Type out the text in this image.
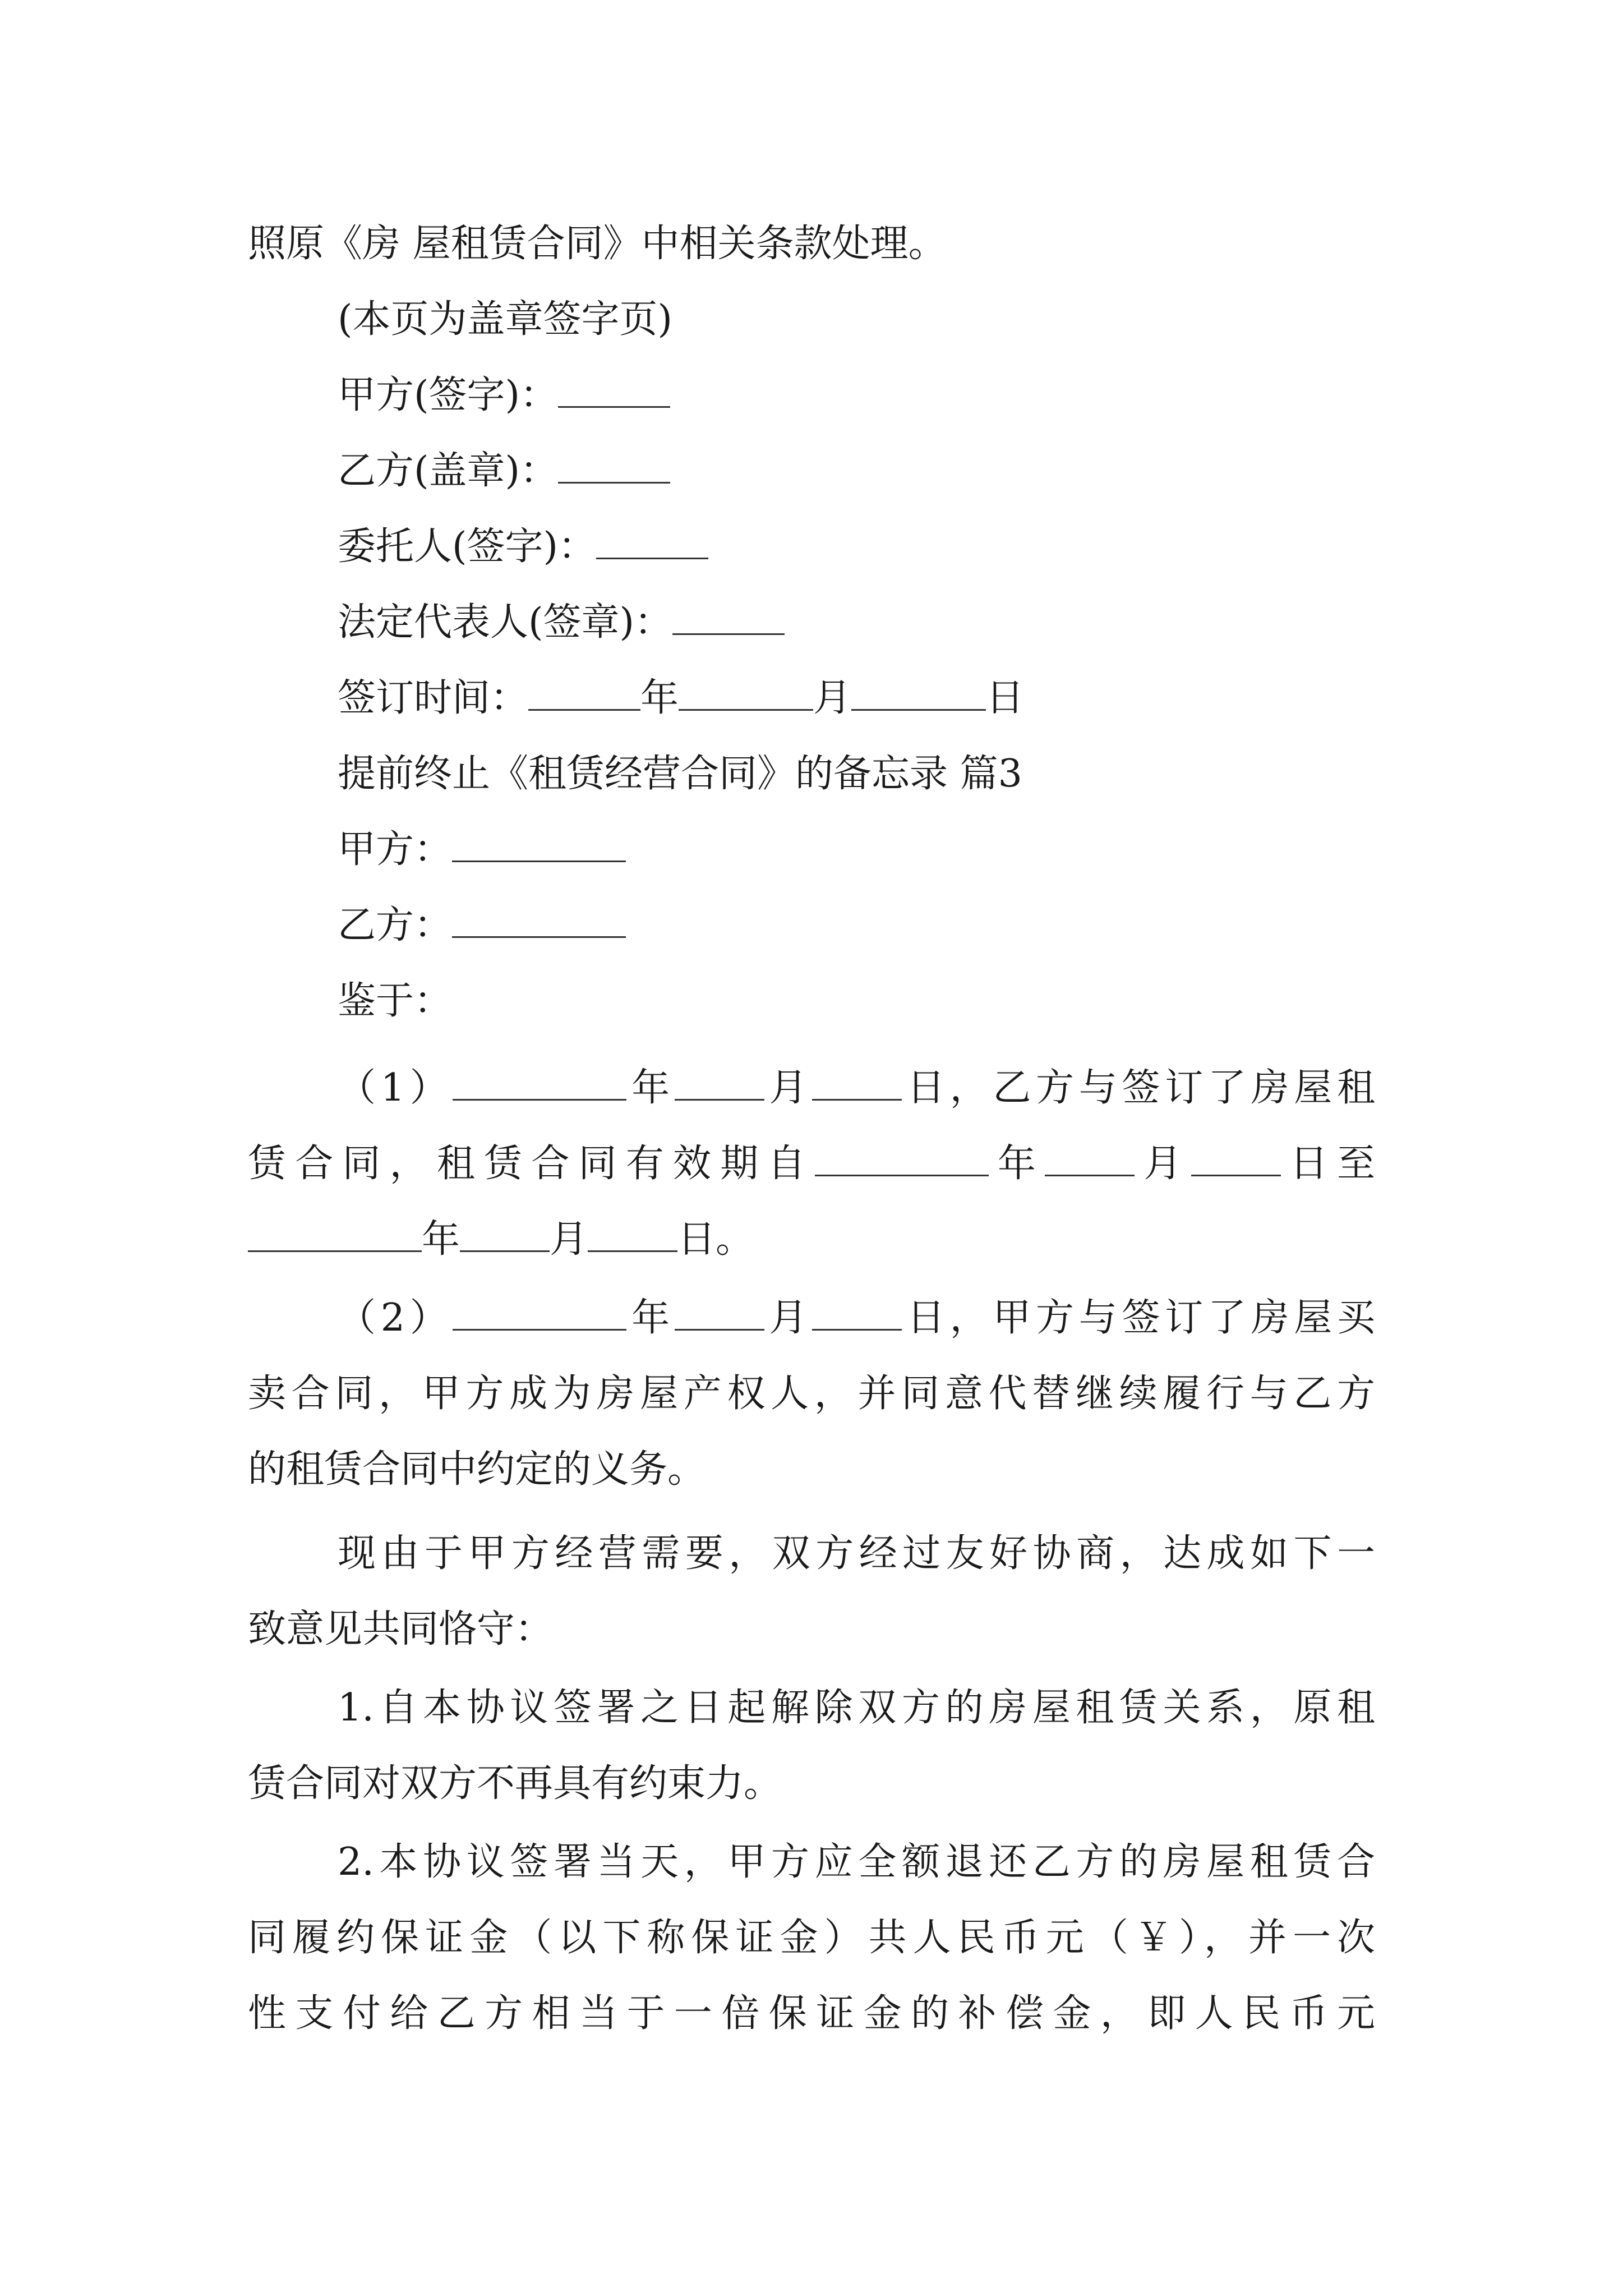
照原《房 屋租赁合同》中相关条款处理。
(本页为盖章签字页)
甲方(签字)：
乙方(盖章)：
委托人(签字)：
法定代表人(签章)：
签订时间：	年	月	日
提前终止《租赁经营合同》的备忘录 篇3
甲方：
乙方：
鉴于：
（1）	年 月 日，乙方与签订了房屋租
赁合同，租赁合同有效期自	年 月 日至
年 月 日。
（2）	年 月 日，甲方与签订了房屋买
卖合同，甲方成为房屋产权人，并同意代替继续履行与乙方
的租赁合同中约定的义务。
现由于甲方经营需要，双方经过友好协商，达成如下一
致意见共同恪守：
1.自本协议签署之日起解除双方的房屋租赁关系，原租
赁合同对双方不再具有约束力。
2.本协议签署当天，甲方应全额退还乙方的房屋租赁合
同履约保证金（以下称保证金）共人民币元（￥），并一次
性支付给乙方相当于一倍保证金的补偿金，即人民币元
